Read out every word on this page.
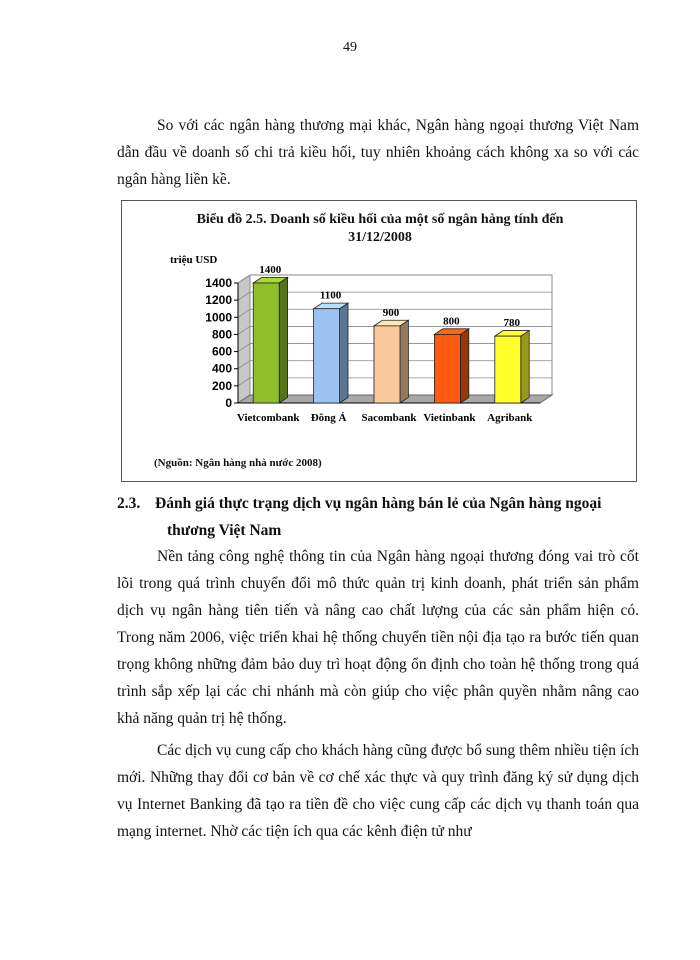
49

So với các ngân hàng thương mại khác, Ngân hàng ngoại thương Việt Nam dẫn đầu về doanh số chi trả kiều hối, tuy nhiên khoảng cách không xa so với các ngân hàng liền kề.

0
200
400
600
800
1000
1200
1400
triệu USD
1400
Vietcombank
1100
Đông Á
900
Sacombank
800
Vietinbank
780
Agribank
Biểu đồ 2.5. Doanh số kiều hối của một số ngân hàng tính đến
31/12/2008
(Nguồn: Ngân hàng nhà nước 2008)
2.3. Đánh giá thực trạng dịch vụ ngân hàng bán lẻ của Ngân hàng ngoại
thương Việt Nam

Nền tảng công nghệ thông tin của Ngân hàng ngoại thương đóng vai trò cốt lõi trong quá trình chuyển đổi mô thức quản trị kinh doanh, phát triển sản phẩm dịch vụ ngân hàng tiên tiến và nâng cao chất lượng của các sản phẩm hiện có. Trong năm 2006, việc triển khai hệ thống chuyển tiền nội địa tạo ra bước tiến quan trọng không những đảm bảo duy trì hoạt động ổn định cho toàn hệ thống trong quá trình sắp xếp lại các chi nhánh mà còn giúp cho việc phân quyền nhằm nâng cao khả năng quản trị hệ thống.

Các dịch vụ cung cấp cho khách hàng cũng được bổ sung thêm nhiều tiện ích mới. Những thay đổi cơ bản về cơ chế xác thực và quy trình đăng ký sử dụng dịch vụ Internet Banking đã tạo ra tiền đề cho việc cung cấp các dịch vụ thanh toán qua mạng internet. Nhờ các tiện ích qua các kênh điện tử như
